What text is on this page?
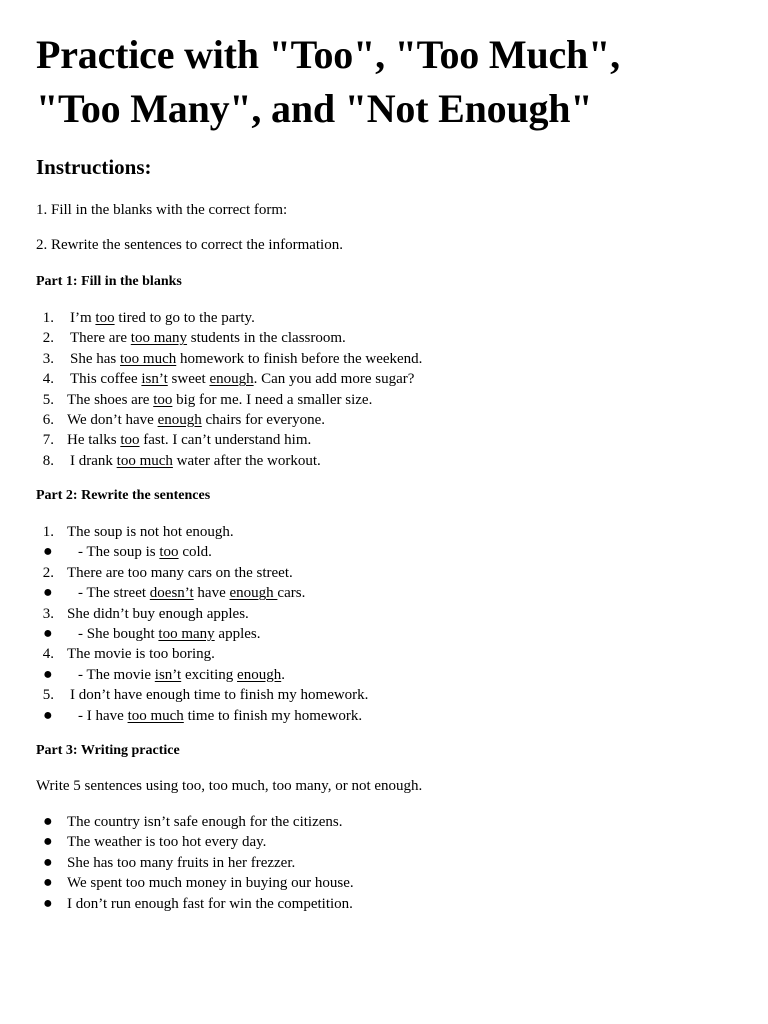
Practice with "Too", "Too Much",
"Too Many", and "Not Enough"
Instructions:
1. Fill in the blanks with the correct form:
2. Rewrite the sentences to correct the information.
Part 1: Fill in the blanks
1. I’m too tired to go to the party.
2. There are too many students in the classroom.
3. She has too much homework to finish before the weekend.
4. This coffee isn’t sweet enough. Can you add more sugar?
5. The shoes are too big for me. I need a smaller size.
6. We don’t have enough chairs for everyone.
7. He talks too fast. I can’t understand him.
8. I drank too much water after the workout.
Part 2: Rewrite the sentences
1. The soup is not hot enough.
● - The soup is too cold.
2. There are too many cars on the street.
● - The street doesn’t have enough cars.
3. She didn’t buy enough apples.
● - She bought too many apples.
4. The movie is too boring.
● - The movie isn’t exciting enough.
5. I don’t have enough time to finish my homework.
● - I have too much time to finish my homework.
Part 3: Writing practice
Write 5 sentences using too, too much, too many, or not enough.
● The country isn’t safe enough for the citizens.
● The weather is too hot every day.
● She has too many fruits in her frezzer.
● We spent too much money in buying our house.
● I don’t run enough fast for win the competition.
